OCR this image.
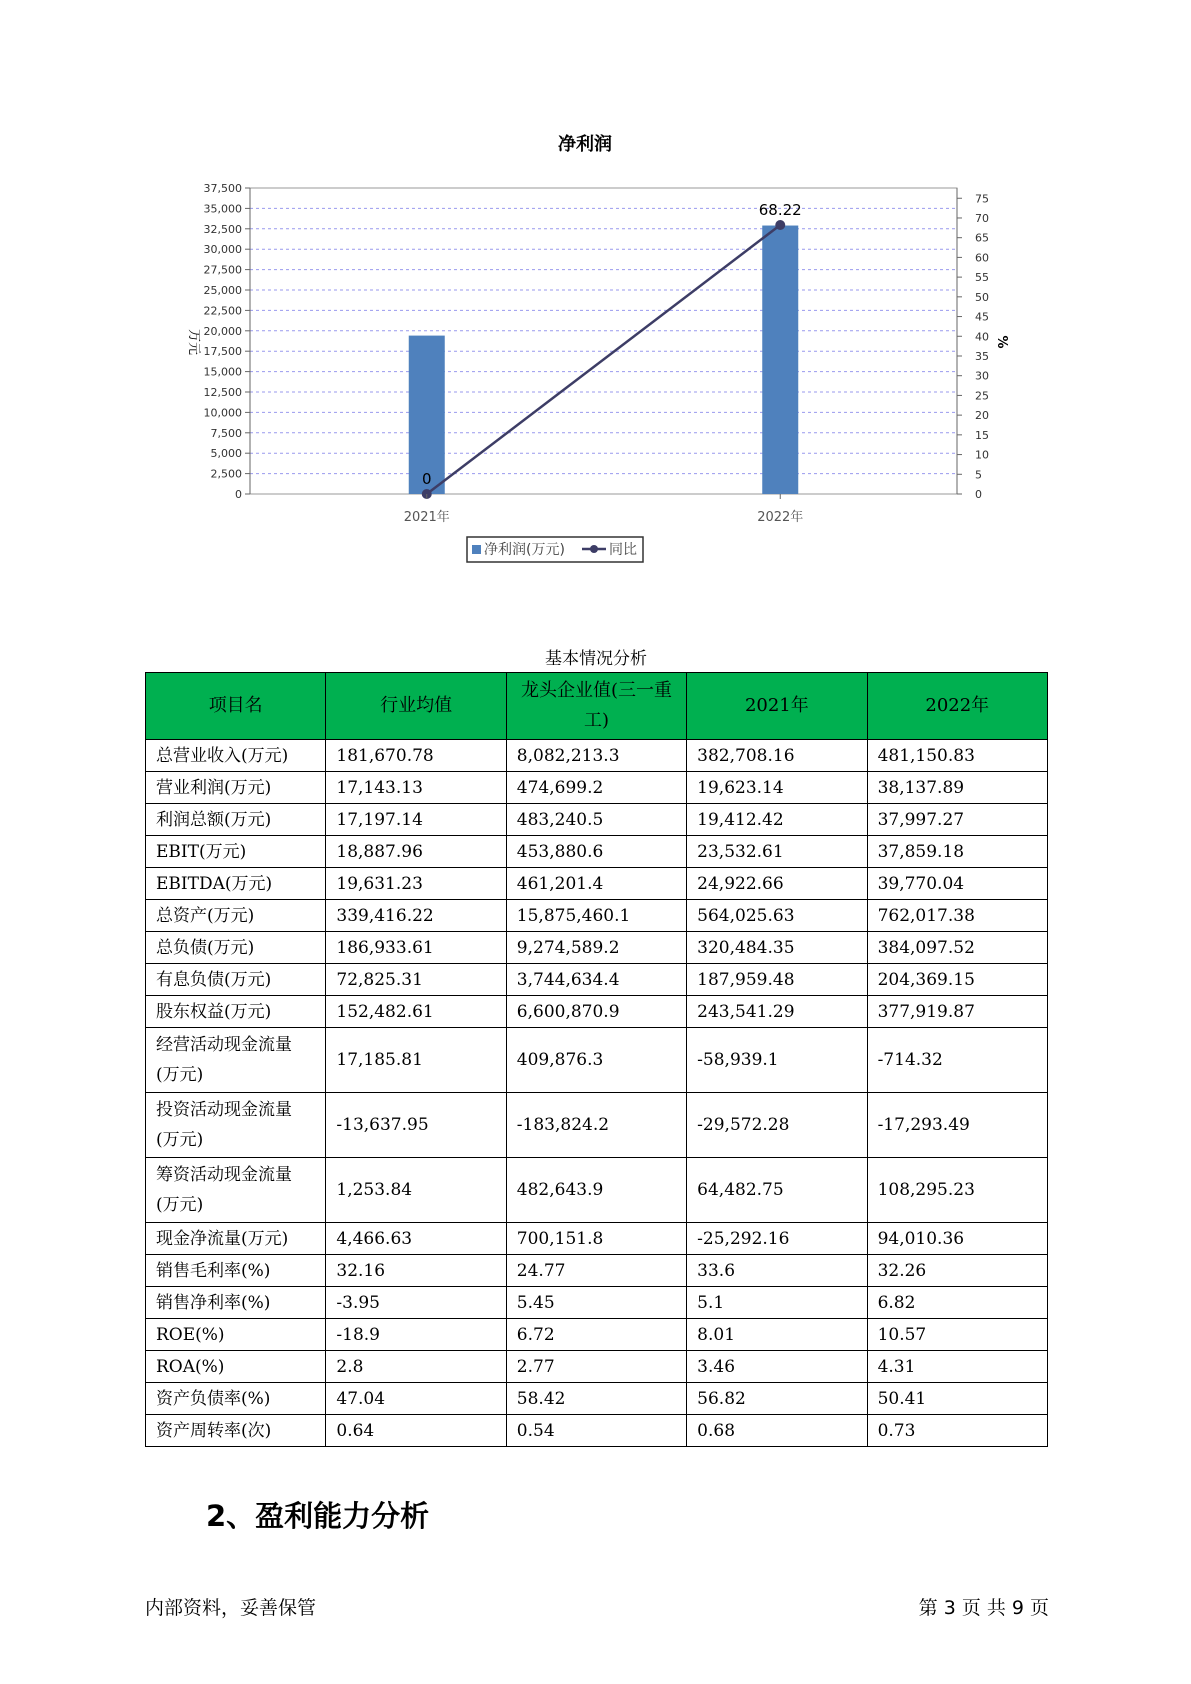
净利润
0
2,500
5,000
7,500
10,000
12,500
15,000
17,500
20,000
22,500
25,000
27,500
30,000
32,500
35,000
37,500
0
5
10
15
20
25
30
35
40
45
50
55
60
65
70
75
0
68.22
2021年	2022年
万元	%
净利润(万元)	同比
基本情况分析
项目名	行业均值	龙头企业值(三一重工)	2021年	2022年
总营业收入(万元)	181,670.78	8,082,213.3	382,708.16	481,150.83
营业利润(万元)	17,143.13	474,699.2	19,623.14	38,137.89
利润总额(万元)	17,197.14	483,240.5	19,412.42	37,997.27
EBIT(万元)	18,887.96	453,880.6	23,532.61	37,859.18
EBITDA(万元)	19,631.23	461,201.4	24,922.66	39,770.04
总资产(万元)	339,416.22	15,875,460.1	564,025.63	762,017.38
总负债(万元)	186,933.61	9,274,589.2	320,484.35	384,097.52
有息负债(万元)	72,825.31	3,744,634.4	187,959.48	204,369.15
股东权益(万元)	152,482.61	6,600,870.9	243,541.29	377,919.87
经营活动现金流量(万元)	17,185.81	409,876.3	-58,939.1	-714.32
投资活动现金流量(万元)	-13,637.95	-183,824.2	-29,572.28	-17,293.49
筹资活动现金流量(万元)	1,253.84	482,643.9	64,482.75	108,295.23
现金净流量(万元)	4,466.63	700,151.8	-25,292.16	94,010.36
销售毛利率(%)	32.16	24.77	33.6	32.26
销售净利率(%)	-3.95	5.45	5.1	6.82
ROE(%)	-18.9	6.72	8.01	10.57
ROA(%)	2.8	2.77	3.46	4.31
资产负债率(%)	47.04	58.42	56.82	50.41
资产周转率(次)	0.64	0.54	0.68	0.73
2、盈利能力分析
内部资料，妥善保管	第 3 页 共 9 页
